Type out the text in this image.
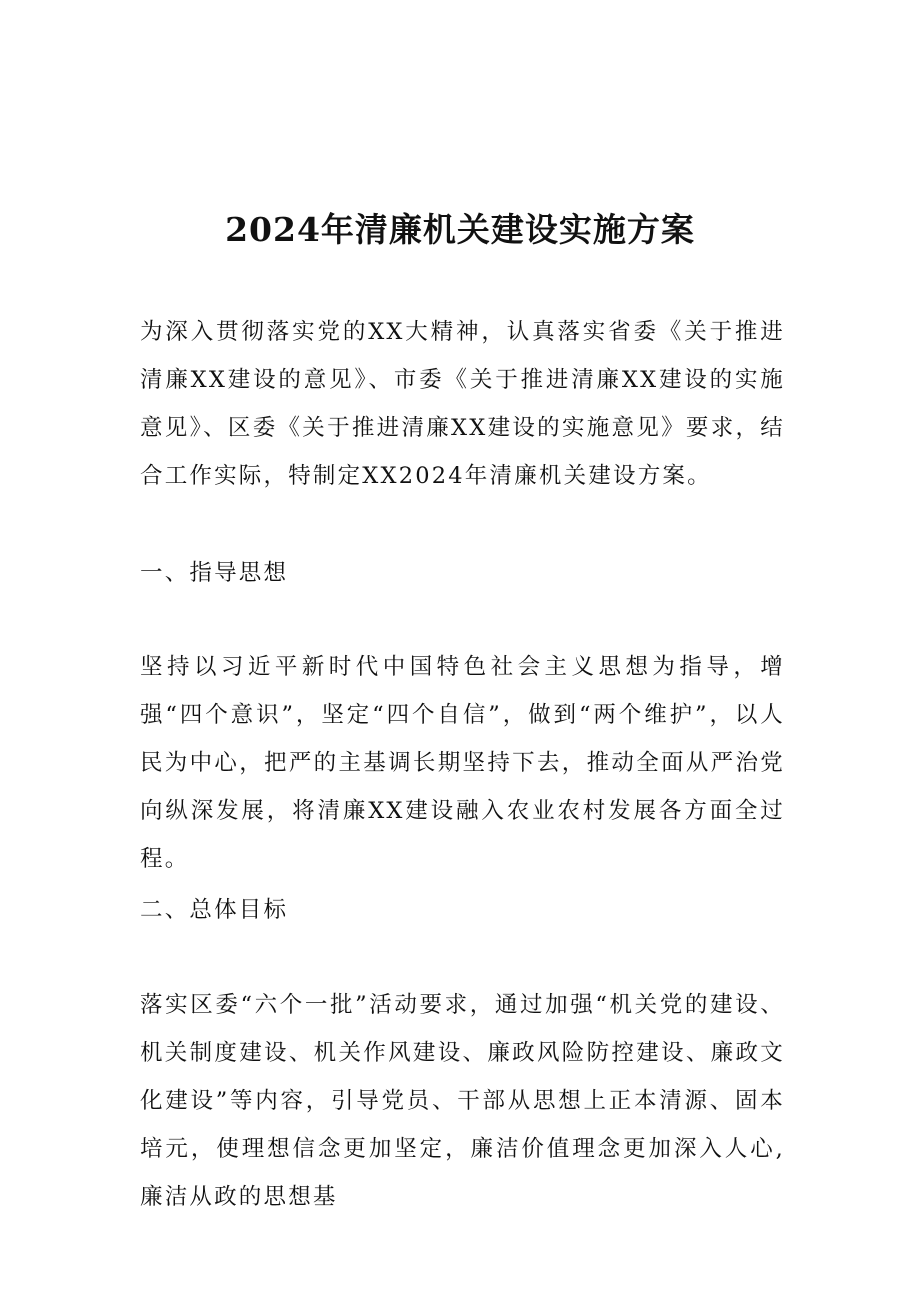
2024年清廉机关建设实施方案

为深入贯彻落实党的XX大精神，认真落实省委《关于推进清廉XX建设的意见》、市委《关于推进清廉XX建设的实施意见》、区委《关于推进清廉XX建设的实施意见》要求，结合工作实际，特制定XX2024年清廉机关建设方案。

一、指导思想

坚持以习近平新时代中国特色社会主义思想为指导，增强“四个意识”，坚定“四个自信”，做到“两个维护”，以人民为中心，把严的主基调长期坚持下去，推动全面从严治党向纵深发展，将清廉XX建设融入农业农村发展各方面全过程。

二、总体目标

落实区委“六个一批”活动要求，通过加强“机关党的建设、机关制度建设、机关作风建设、廉政风险防控建设、廉政文化建设”等内容，引导党员、干部从思想上正本清源、固本培元，使理想信念更加坚定，廉洁价值理念更加深入人心,廉洁从政的思想基
